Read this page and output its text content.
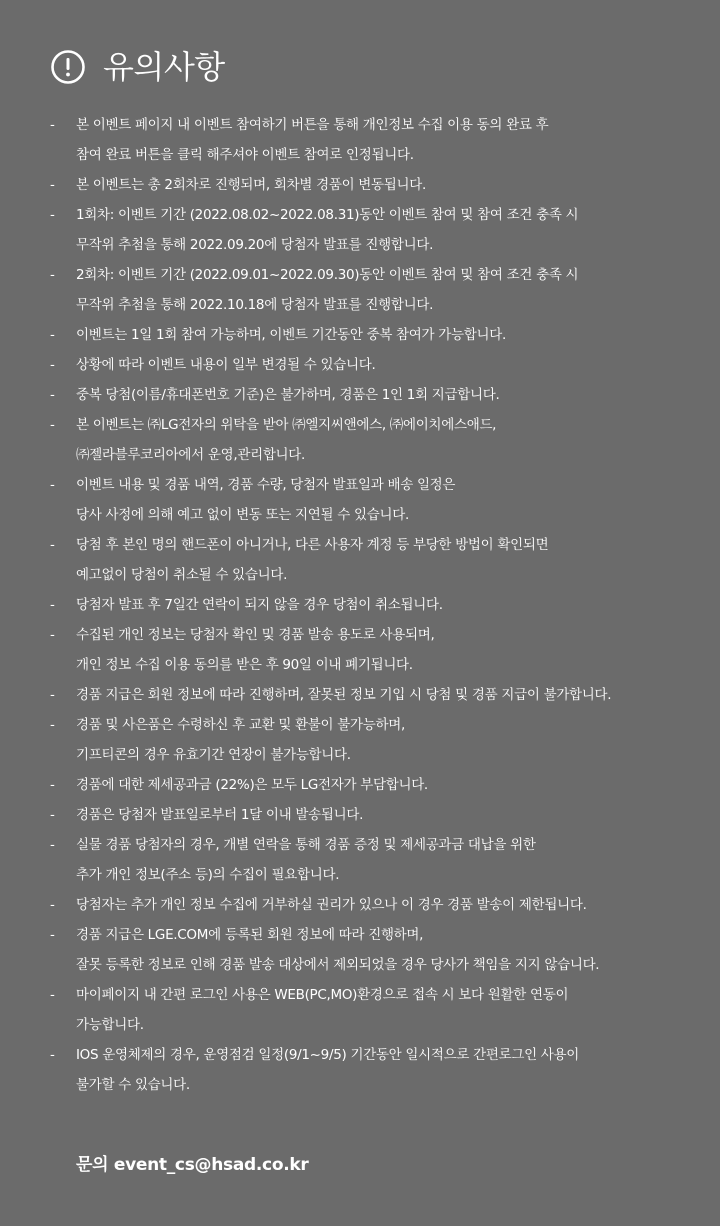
유의사항
-	본 이벤트 페이지 내 이벤트 참여하기 버튼을 통해 개인정보 수집 이용 동의 완료 후
참여 완료 버튼을 클릭 해주셔야 이벤트 참여로 인정됩니다.
-	본 이벤트는 총 2회차로 진행되며, 회차별 경품이 변동됩니다.
-	1회차: 이벤트 기간 (2022.08.02~2022.08.31)동안 이벤트 참여 및 참여 조건 충족 시
무작위 추첨을 통해 2022.09.20에 당첨자 발표를 진행합니다.
-	2회차: 이벤트 기간 (2022.09.01~2022.09.30)동안 이벤트 참여 및 참여 조건 충족 시
무작위 추첨을 통해 2022.10.18에 당첨자 발표를 진행합니다.
-	이벤트는 1일 1회 참여 가능하며, 이벤트 기간동안 중복 참여가 가능합니다.
-	상황에 따라 이벤트 내용이 일부 변경될 수 있습니다.
-	중복 당첨(이름/휴대폰번호 기준)은 불가하며, 경품은 1인 1회 지급합니다.
-	본 이벤트는 ㈜LG전자의 위탁을 받아 ㈜엘지씨앤에스, ㈜에이치에스애드,
㈜젤라블루코리아에서 운영,관리합니다.
-	이벤트 내용 및 경품 내역, 경품 수량, 당첨자 발표일과 배송 일정은
당사 사정에 의해 예고 없이 변동 또는 지연될 수 있습니다.
-	당첨 후 본인 명의 핸드폰이 아니거나, 다른 사용자 계정 등 부당한 방법이 확인되면
예고없이 당첨이 취소될 수 있습니다.
-	당첨자 발표 후 7일간 연락이 되지 않을 경우 당첨이 취소됩니다.
-	수집된 개인 정보는 당첨자 확인 및 경품 발송 용도로 사용되며,
개인 정보 수집 이용 동의를 받은 후 90일 이내 폐기됩니다.
-	경품 지급은 회원 정보에 따라 진행하며, 잘못된 정보 기입 시 당첨 및 경품 지급이 불가합니다.
-	경품 및 사은품은 수령하신 후 교환 및 환불이 불가능하며,
기프티콘의 경우 유효기간 연장이 불가능합니다.
-	경품에 대한 제세공과금 (22%)은 모두 LG전자가 부담합니다.
-	경품은 당첨자 발표일로부터 1달 이내 발송됩니다.
-	실물 경품 당첨자의 경우, 개별 연락을 통해 경품 증정 및 제세공과금 대납을 위한
추가 개인 정보(주소 등)의 수집이 필요합니다.
-	당첨자는 추가 개인 정보 수집에 거부하실 권리가 있으나 이 경우 경품 발송이 제한됩니다.
-	경품 지급은 LGE.COM에 등록된 회원 정보에 따라 진행하며,
잘못 등록한 정보로 인해 경품 발송 대상에서 제외되었을 경우 당사가 책임을 지지 않습니다.
-	마이페이지 내 간편 로그인 사용은 WEB(PC,MO)환경으로 접속 시 보다 원활한 연동이
가능합니다.
-	IOS 운영체제의 경우, 운영점검 일정(9/1~9/5) 기간동안 일시적으로 간편로그인 사용이
불가할 수 있습니다.
문의 event_cs@hsad.co.kr
